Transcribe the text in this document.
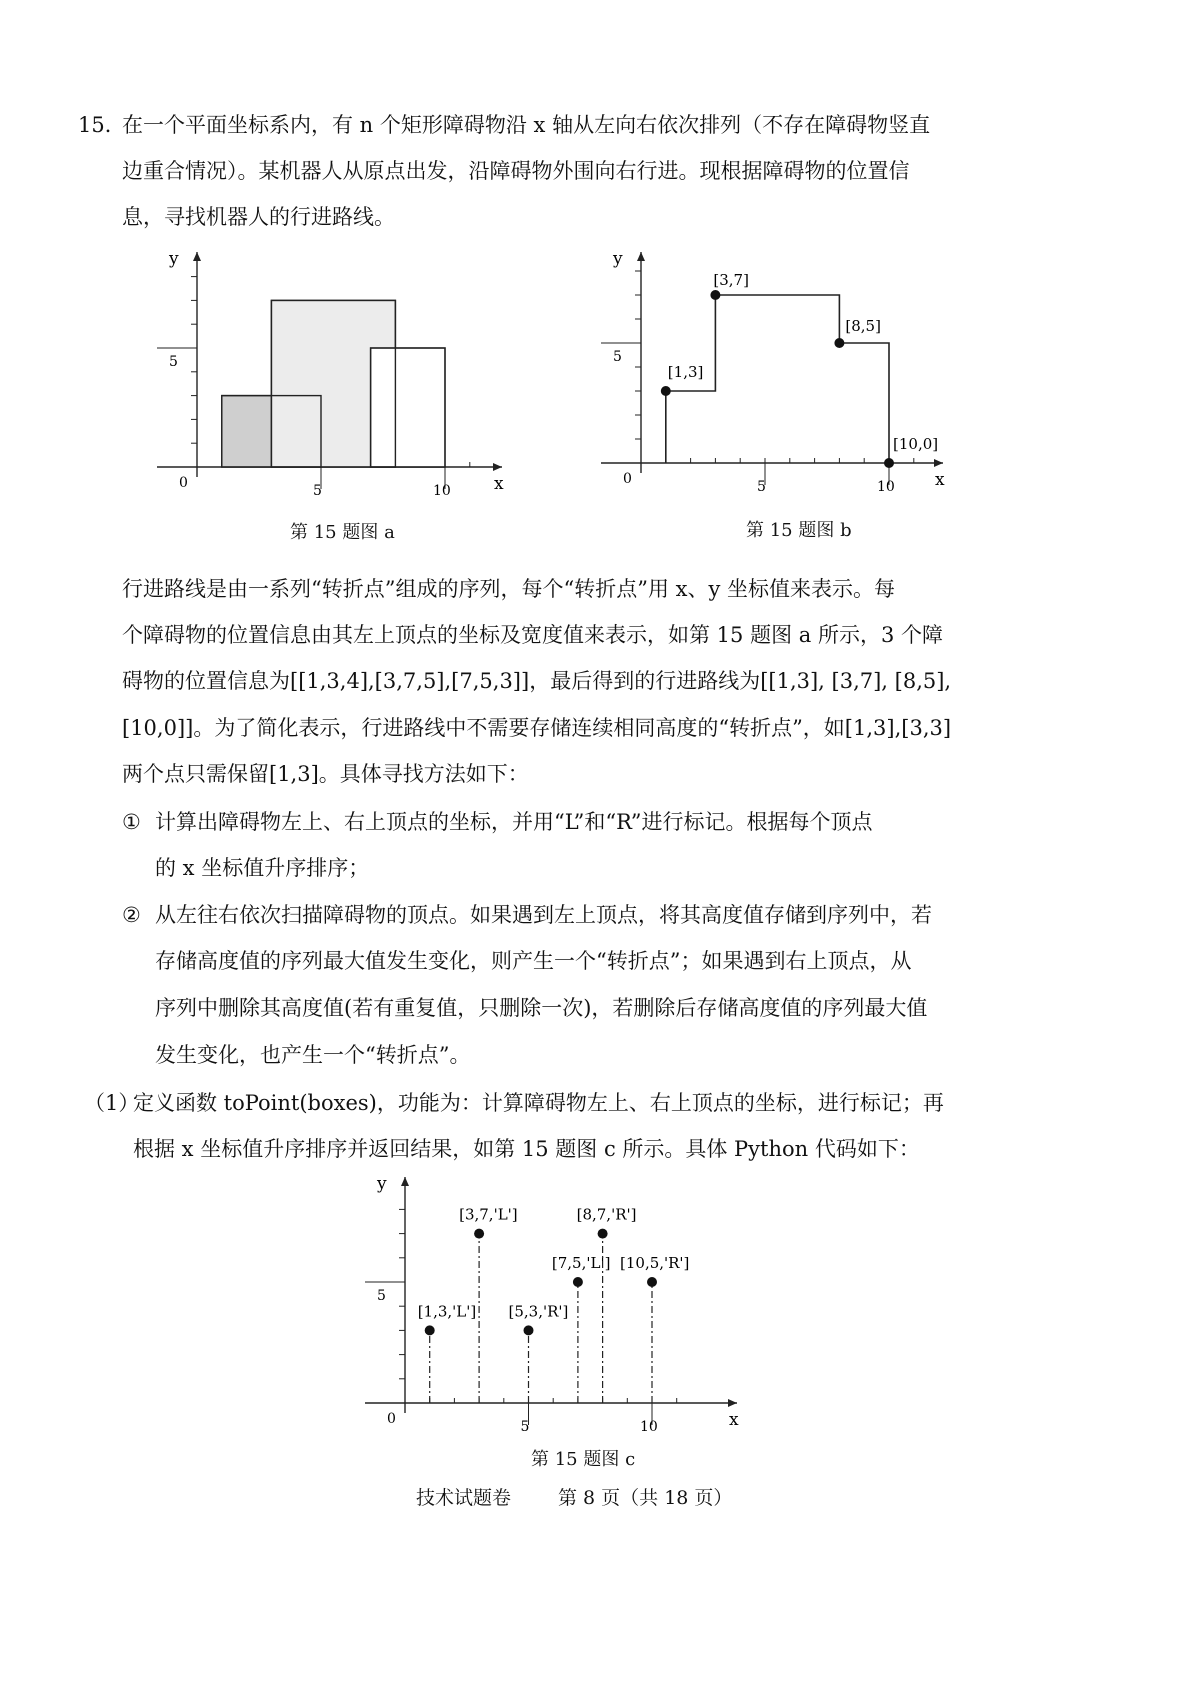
15．
在一个平面坐标系内，有 n 个矩形障碍物沿 x 轴从左向右依次排列（不存在障碍物竖直
边重合情况）。某机器人从原点出发，沿障碍物外围向右行进。现根据障碍物的位置信
息，寻找机器人的行进路线。
x
y
0	5	10
5
第 15 题图 a
x
y
0	5	10
5
[1,3]
[3,7]
[8,5]
[10,0]
第 15 题图 b
行进路线是由一系列“转折点”组成的序列，每个“转折点”用 x、y 坐标值来表示。每
个障碍物的位置信息由其左上顶点的坐标及宽度值来表示，如第 15 题图 a 所示，3 个障
碍物的位置信息为[[1,3,4],[3,7,5],[7,5,3]]，最后得到的行进路线为[[1,3], [3,7], [8,5],
[10,0]]。为了简化表示，行进路线中不需要存储连续相同高度的“转折点”，如[1,3],[3,3]
两个点只需保留[1,3]。具体寻找方法如下：
① 计算出障碍物左上、右上顶点的坐标，并用“L”和“R”进行标记。根据每个顶点
的 x 坐标值升序排序；
② 从左往右依次扫描障碍物的顶点。如果遇到左上顶点，将其高度值存储到序列中，若
存储高度值的序列最大值发生变化，则产生一个“转折点”；如果遇到右上顶点，从
序列中删除其高度值(若有重复值，只删除一次)，若删除后存储高度值的序列最大值
发生变化，也产生一个“转折点”。
（1）
定义函数 toPoint(boxes)，功能为：计算障碍物左上、右上顶点的坐标，进行标记；再
根据 x 坐标值升序排序并返回结果，如第 15 题图 c 所示。具体 Python 代码如下：
x
y
0	5	10
5
[1,3,'L']
[3,7,'L']
[5,3,'R']
[7,5,'L']
[8,7,'R']
[10,5,'R']
第 15 题图 c
技术试题卷 第 8 页（共 18 页）
